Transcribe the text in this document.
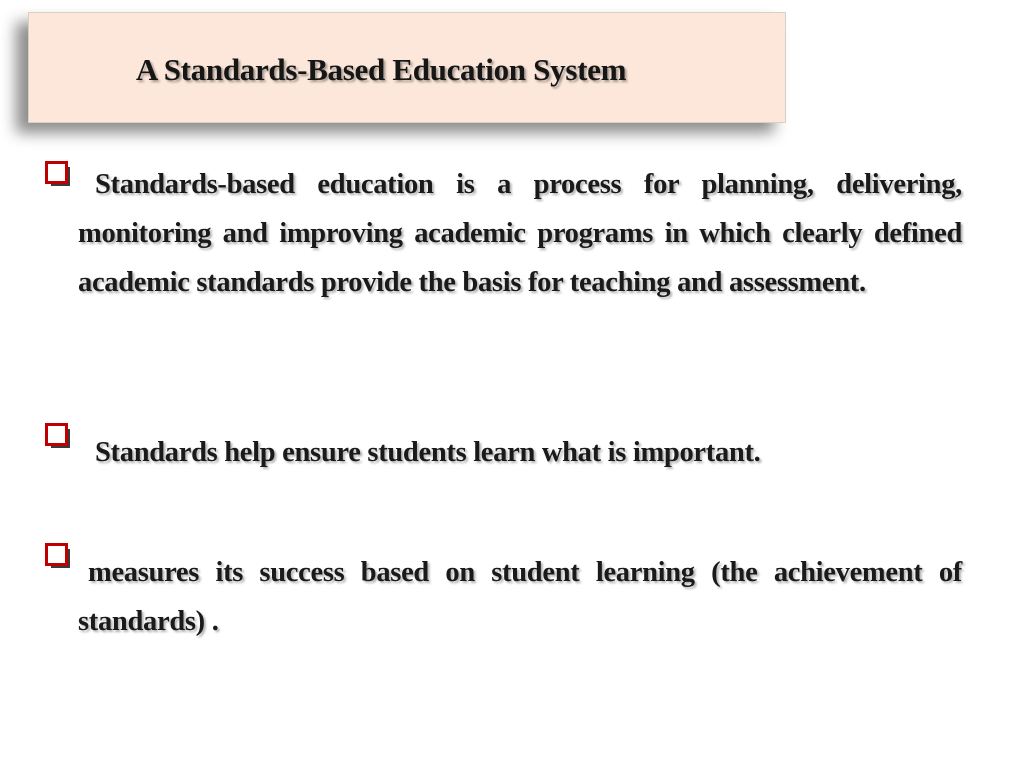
A Standards-Based Education System
Standards-based education is a process for planning, delivering, monitoring and improving academic programs in which clearly defined academic standards provide the basis for teaching and assessment.
Standards help ensure students learn what is important.
measures its success based on student learning (the achievement of standards) .
